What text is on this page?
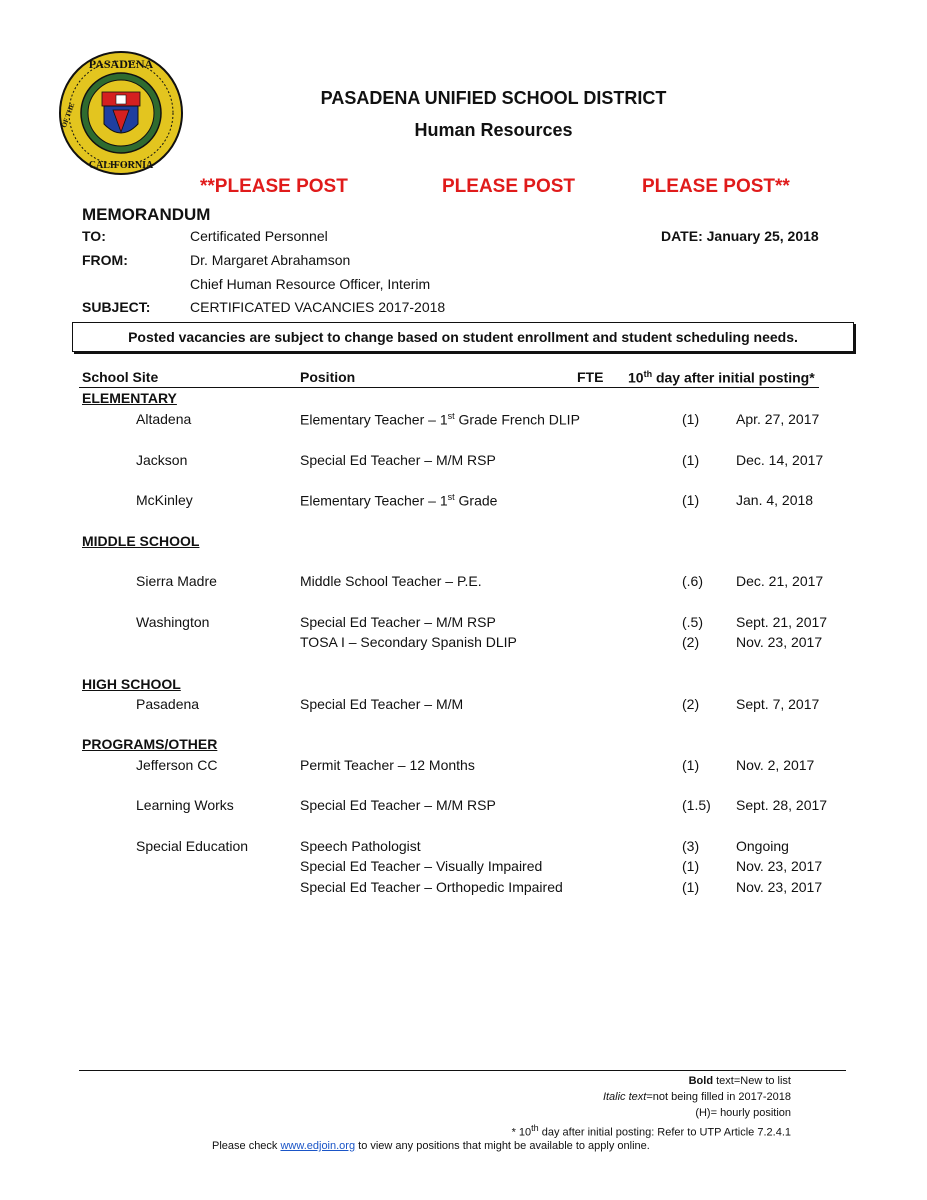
PASADENA
OF THE
CALIFORNIA
PASADENA UNIFIED SCHOOL DISTRICT
Human Resources
**PLEASE POST	PLEASE POST	PLEASE POST**
MEMORANDUM
TO:	Certificated Personnel	DATE: January 25, 2018
FROM:	Dr. Margaret Abrahamson
Chief Human Resource Officer, Interim
SUBJECT:	CERTIFICATED VACANCIES 2017-2018
Posted vacancies are subject to change based on student enrollment and student scheduling needs.
School Site	Position	FTE 10th day after initial posting*
ELEMENTARY
MIDDLE SCHOOL
HIGH SCHOOL
PROGRAMS/OTHER
Altadena	Elementary Teacher – 1st Grade French DLIP	(1)	Apr. 27, 2017
Jackson	Special Ed Teacher – M/M RSP	(1)	Dec. 14, 2017
McKinley	Elementary Teacher – 1st Grade	(1)	Jan. 4, 2018
Sierra Madre	Middle School Teacher – P.E.	(.6) Dec. 21, 2017
Washington	Special Ed Teacher – M/M RSP	(.5) Sept. 21, 2017
TOSA I – Secondary Spanish DLIP	(2)	Nov. 23, 2017
Pasadena	Special Ed Teacher – M/M	(2)	Sept. 7, 2017
Jefferson CC	Permit Teacher – 12 Months	(1)	Nov. 2, 2017
Learning Works	Special Ed Teacher – M/M RSP	(1.5) Sept. 28, 2017
Special Education	Speech Pathologist	(3)	Ongoing
Special Ed Teacher – Visually Impaired	(1)	Nov. 23, 2017
Special Ed Teacher – Orthopedic Impaired	(1)	Nov. 23, 2017
Bold text=New to list
Italic text=not being filled in 2017-2018
(H)= hourly position
* 10th day after initial posting: Refer to UTP Article 7.2.4.1
Please check www.edjoin.org to view any positions that might be available to apply online.
